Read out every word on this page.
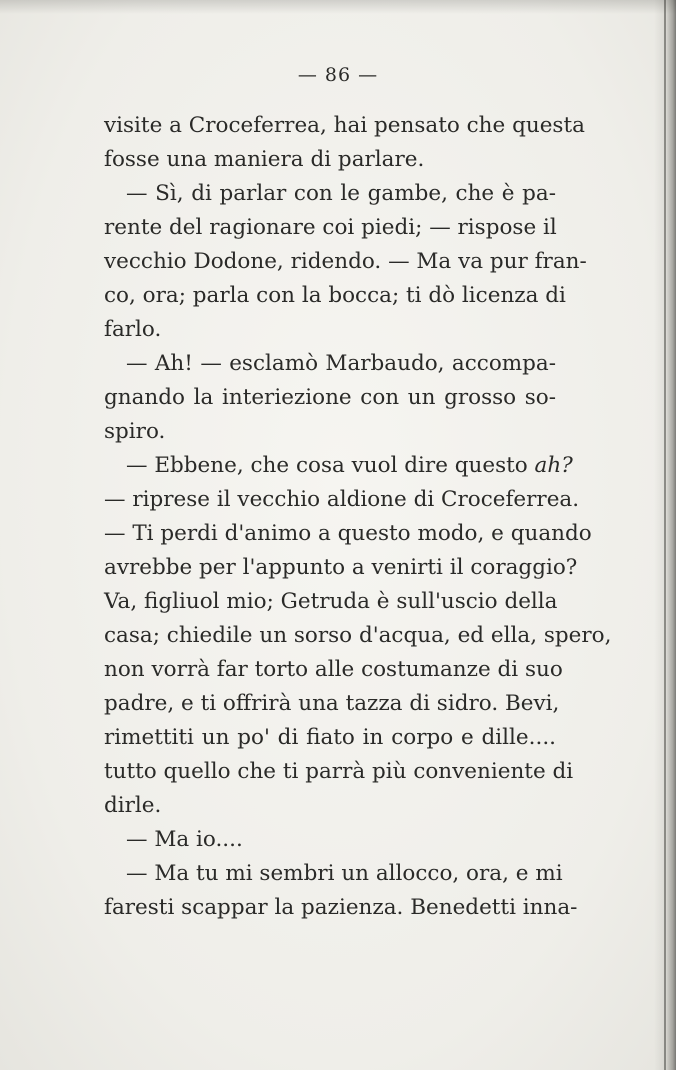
— 86 —
visite a Croceferrea, hai pensato che questa
fosse una maniera di parlare.
— Sì, di parlar con le gambe, che è pa-
rente del ragionare coi piedi; — rispose il
vecchio Dodone, ridendo. — Ma va pur fran-
co, ora; parla con la bocca; ti dò licenza di
farlo.
— Ah! — esclamò Marbaudo, accompa-
gnando la interiezione con un grosso so-
spiro.
— Ebbene, che cosa vuol dire questo ah?
— riprese il vecchio aldione di Croceferrea.
— Ti perdi d'animo a questo modo, e quando
avrebbe per l'appunto a venirti il coraggio?
Va, figliuol mio; Getruda è sull'uscio della
casa; chiedile un sorso d'acqua, ed ella, spero,
non vorrà far torto alle costumanze di suo
padre, e ti offrirà una tazza di sidro. Bevi,
rimettiti un po' di fiato in corpo e dille....
tutto quello che ti parrà più conveniente di
dirle.
— Ma io....
— Ma tu mi sembri un allocco, ora, e mi
faresti scappar la pazienza. Benedetti inna-
